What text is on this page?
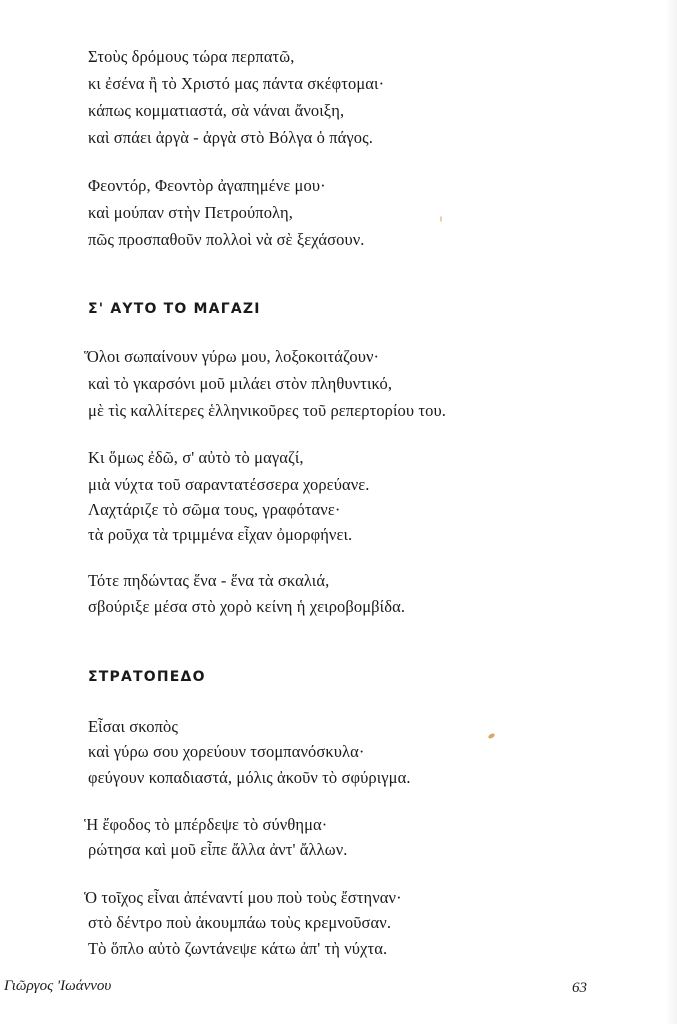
Στοὺς δρόμους τώρα περπατῶ,
κι ἐσένα ἢ τὸ Χριστό μας πάντα σκέφτομαι·
κάπως κομματιαστά, σὰ νάναι ἄνοιξη,
καὶ σπάει ἀργὰ - ἀργὰ στὸ Βόλγα ὁ πάγος.
Φεοντόρ, Φεοντὸρ ἀγαπημένε μου·
καὶ μούπαν στὴν Πετρούπολη,
πῶς προσπαθοῦν πολλοὶ νὰ σὲ ξεχάσουν.
Σ' ΑΥΤΟ ΤΟ ΜΑΓΑΖΙ
Ὅλοι σωπαίνουν γύρω μου, λοξοκοιτάζουν·
καὶ τὸ γκαρσόνι μοῦ μιλάει στὸν πληθυντικό,
μὲ τὶς καλλίτερες ἑλληνικοῦρες τοῦ ρεπερτορίου του.
Κι ὅμως ἐδῶ, σ' αὐτὸ τὸ μαγαζί,
μιὰ νύχτα τοῦ σαραντατέσσερα χορεύανε.
Λαχτάριζε τὸ σῶμα τους, γραφότανε·
τὰ ροῦχα τὰ τριμμένα εἶχαν ὀμορφήνει.
Τότε πηδώντας ἕνα - ἕνα τὰ σκαλιά,
σβούριξε μέσα στὸ χορὸ κείνη ἡ χειροβομβίδα.
ΣΤΡΑΤΟΠΕΔΟ
Εἶσαι σκοπὸς
καὶ γύρω σου χορεύουν τσομπανόσκυλα·
φεύγουν κοπαδιαστά, μόλις ἀκοῦν τὸ σφύριγμα.
Ἡ ἔφοδος τὸ μπέρδεψε τὸ σύνθημα·
ρώτησα καὶ μοῦ εἶπε ἄλλα ἀντ' ἄλλων.
Ὁ τοῖχος εἶναι ἀπέναντί μου ποὺ τοὺς ἔστηναν·
στὸ δέντρο ποὺ ἀκουμπάω τοὺς κρεμνοῦσαν.
Τὸ ὅπλο αὐτὸ ζωντάνεψε κάτω ἀπ' τὴ νύχτα.
Γιῶργος 'Ιωάννου	63
